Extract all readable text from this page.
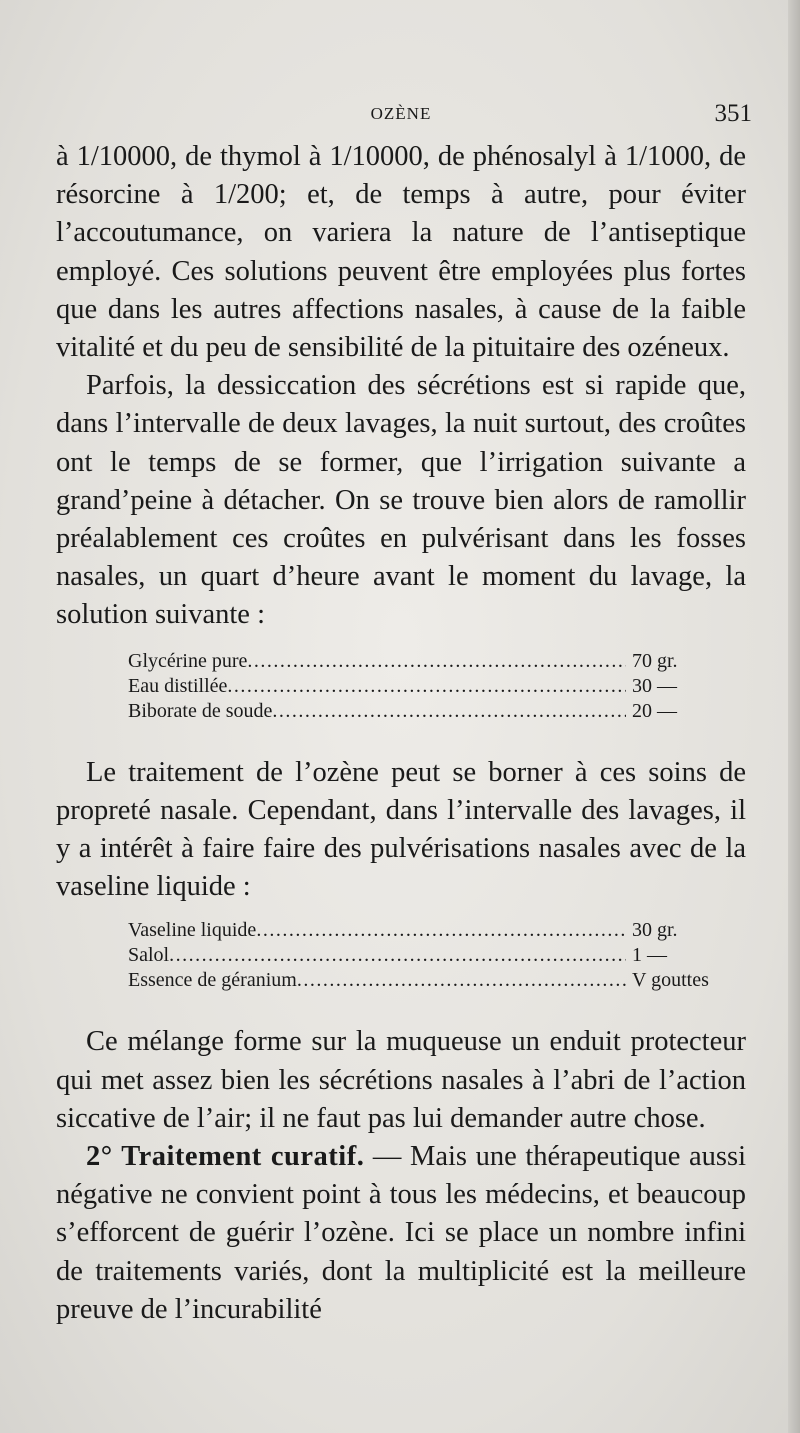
OZÈNE	351

à 1/10000, de thymol à 1/10000, de phénosalyl à 1/1000, de résorcine à 1/200; et, de temps à autre, pour éviter l’accoutumance, on variera la nature de l’antiseptique employé. Ces solutions peuvent être employées plus fortes que dans les autres affections nasales, à cause de la faible vitalité et du peu de sensibilité de la pituitaire des ozéneux.

Parfois, la dessiccation des sécrétions est si rapide que, dans l’intervalle de deux lavages, la nuit surtout, des croûtes ont le temps de se former, que l’irrigation suivante a grand’peine à détacher. On se trouve bien alors de ramollir préalablement ces croûtes en pulvérisant dans les fosses nasales, un quart d’heure avant le moment du lavage, la solution suivante :

Glycérine pure .....	70 gr.
Eau distillée .....	30 —
Biborate de soude .....	20 —

Le traitement de l’ozène peut se borner à ces soins de propreté nasale. Cependant, dans l’intervalle des lavages, il y a intérêt à faire faire des pulvérisations nasales avec de la vaseline liquide :

Vaseline liquide .....	30 gr.
Salol .....	1 —
Essence de géranium .....	V gouttes

Ce mélange forme sur la muqueuse un enduit protecteur qui met assez bien les sécrétions nasales à l’abri de l’action siccative de l’air; il ne faut pas lui demander autre chose.

2° Traitement curatif. — Mais une thérapeutique aussi négative ne convient point à tous les médecins, et beaucoup s’efforcent de guérir l’ozène. Ici se place un nombre infini de traitements variés, dont la multiplicité est la meilleure preuve de l’incurabilité
